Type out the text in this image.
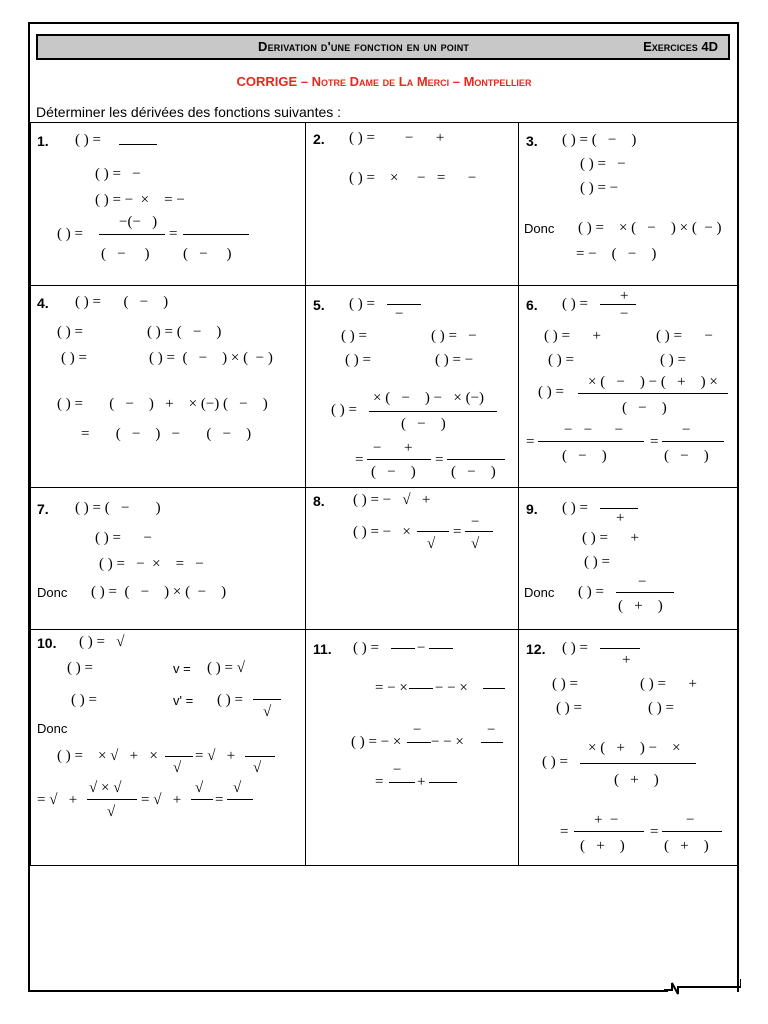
Derivation d'une fonction en un point	Exercices 4D
CORRIGE – Notre Dame de La Merci – Montpellier
Déterminer les dérivées des fonctions suivantes :
1. ( ) =
( ) =   −
( ) = −  ×    = −
( ) =
−(−   )
=
(   −     ) (   −     )
2. ( ) =        −      +
( ) =    ×     −   =      −
3. ( ) = (   −    )
( ) =   −
( ) = −
Donc ( ) =    × (   −    ) × (  − )
= −    (   −    )
4. ( ) =      (   −    )
( ) =	( ) = (   −    )
( ) =	( ) =  (   −    ) × (  − )
( ) =       (   −    )   +    × (−) (   −    )
=       (   −    )   −       (   −    )
5. ( ) =
−
( ) =	( ) =   −
( ) =	( ) = −
( ) =
× (   −    ) −   × (−)
(   −    )
=
−      +
(   −    )
=
(   −    )
6. ( ) = +
−
( ) =      +	( ) =      −
( ) =	( ) =
( ) =
× (   −    ) − (   +    ) ×
(   −    )
=
−   −      −
(   −    )
=
−
(   −    )
7. ( ) = (   −       )
( ) =      −
( ) =   −  ×    =   −
Donc ( ) =  (   −    ) × (  −    )
8. ( ) = −   √   +
( ) = −   ×
√
=
−
√
9. ( ) =
+
( ) =      +
( ) =
Donc ( ) =
−
(   +    )
10. ( ) =   √
( ) =	v = ( ) = √
( ) =	v' = ( ) =
√
Donc
( ) =    × √   +   ×
√
= √   +
√
= √   +
√ × √
√
= √   +
√
=
√
11. ( ) =	−
= − × − − ×
( ) = − ×
−
− − ×
−
=
−
+
12. ( ) =
+
( ) =	( ) =      +
( ) =	( ) =
( ) =
× (   +    ) −    ×
(   +    )
=
+  −
(   +    )
=
−
(   +    )
